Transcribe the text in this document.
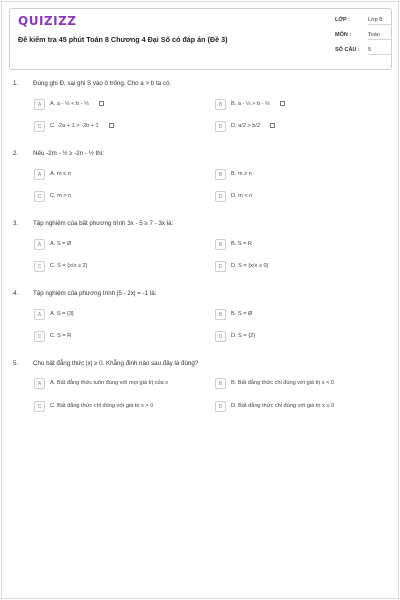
QUIZIZZ
Đề kiểm tra 45 phút Toán 8 Chương 4 Đại Số có đáp án (Đề 3)
LỚP :	Lớp 8
MÔN :	Toán
SỐ CÂU : 5
1. Đúng ghi Đ, sai ghi S vào ô trống. Cho a > b ta có:
A	A. a - ⅓ < b - ⅓	B	B. a - ⅓ > b - ⅓
C	C. -2a + 1 > -2b + 1	D	D. a/2 > b/2
2. Nếu -2m - ½ ≥ -2n - ½ thì:
A	A. m ≤ n	B	B. m ≥ n
C	C. m > n	D	D. m < n
3. Tập nghiệm của bất phương trình 3x - 5 ≥ 7 - 3x là:
A	A. S = Ø	B	B. S = R
C	C. S = {x/x ≥ 2}	D	D. S = {x/x ≥ 0}
4. Tập nghiệm của phương trình |5 - 2x| = -1 là:
A	A. S = {3}	B	B. S = Ø
C	C. S = R	D	D. S = {2}
5. Cho bất đẳng thức |x| ≥ 0. Khẳng định nào sau đây là đúng?
A	A. Bất đẳng thức luôn đúng với mọi giá trị của x	B	B. Bất đẳng thức chỉ đúng với giá trị x < 0
C	C. Bất đẳng thức chỉ đúng với giá trị x > 0	D	D. Bất đẳng thức chỉ đúng với giá trị x ≥ 0
